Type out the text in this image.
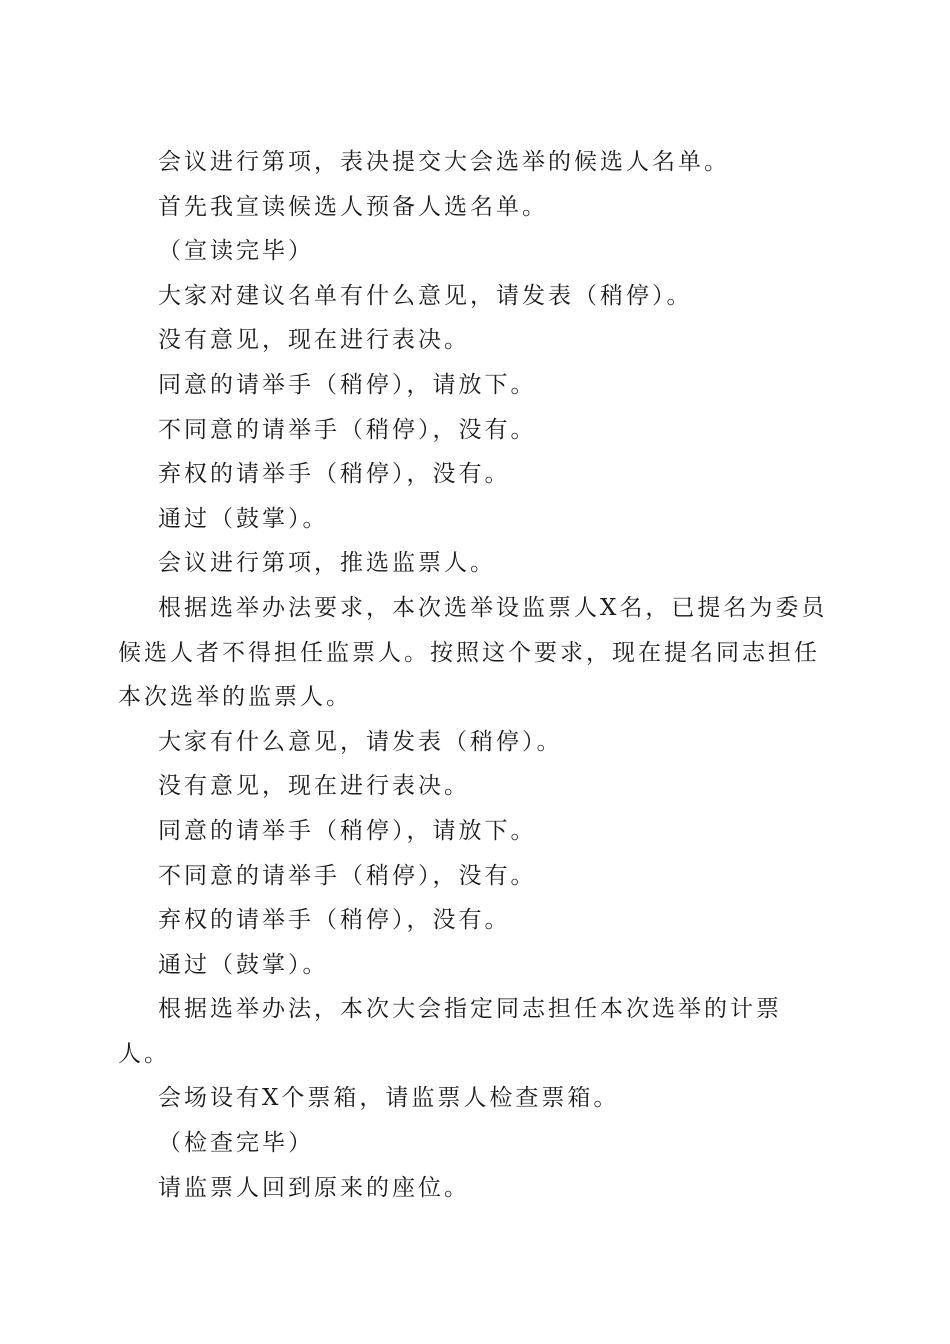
会议进行第项，表决提交大会选举的候选人名单。

首先我宣读候选人预备人选名单。

（宣读完毕）

大家对建议名单有什么意见，请发表（稍停）。

没有意见，现在进行表决。

同意的请举手（稍停），请放下。

不同意的请举手（稍停），没有。

弃权的请举手（稍停），没有。

通过（鼓掌）。

会议进行第项，推选监票人。

根据选举办法要求，本次选举设监票人X名，已提名为委员候选人者不得担任监票人。按照这个要求，现在提名同志担任本次选举的监票人。

大家有什么意见，请发表（稍停）。

没有意见，现在进行表决。

同意的请举手（稍停），请放下。

不同意的请举手（稍停），没有。

弃权的请举手（稍停），没有。

通过（鼓掌）。

根据选举办法，本次大会指定同志担任本次选举的计票人。

会场设有X个票箱，请监票人检查票箱。

（检查完毕）

请监票人回到原来的座位。
